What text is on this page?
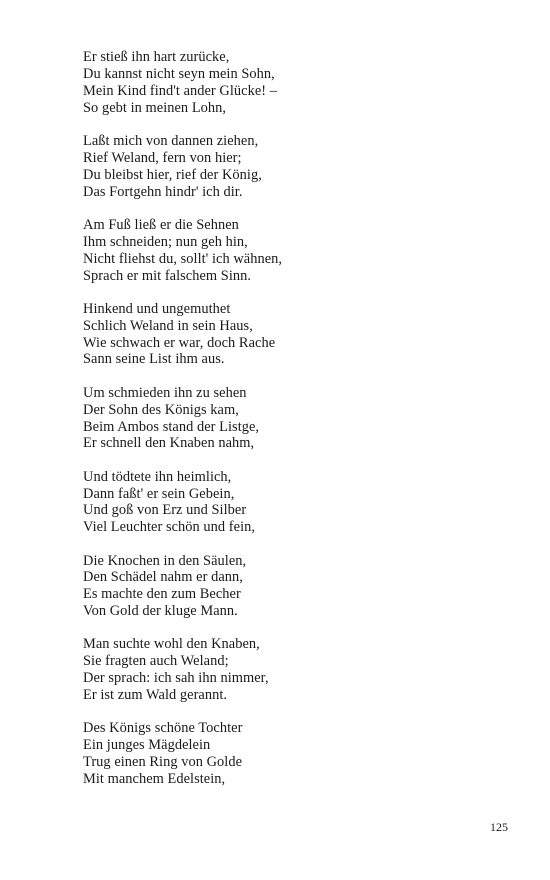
Er stieß ihn hart zurücke,
Du kannst nicht seyn mein Sohn,
Mein Kind find't ander Glücke! –
So gebt in meinen Lohn,
Laßt mich von dannen ziehen,
Rief Weland, fern von hier;
Du bleibst hier, rief der König,
Das Fortgehn hindr' ich dir.
Am Fuß ließ er die Sehnen
Ihm schneiden; nun geh hin,
Nicht fliehst du, sollt' ich wähnen,
Sprach er mit falschem Sinn.
Hinkend und ungemuthet
Schlich Weland in sein Haus,
Wie schwach er war, doch Rache
Sann seine List ihm aus.
Um schmieden ihn zu sehen
Der Sohn des Königs kam,
Beim Ambos stand der Listge,
Er schnell den Knaben nahm,
Und tödtete ihn heimlich,
Dann faßt' er sein Gebein,
Und goß von Erz und Silber
Viel Leuchter schön und fein,
Die Knochen in den Säulen,
Den Schädel nahm er dann,
Es machte den zum Becher
Von Gold der kluge Mann.
Man suchte wohl den Knaben,
Sie fragten auch Weland;
Der sprach: ich sah ihn nimmer,
Er ist zum Wald gerannt.
Des Königs schöne Tochter
Ein junges Mägdelein
Trug einen Ring von Golde
Mit manchem Edelstein,
125
